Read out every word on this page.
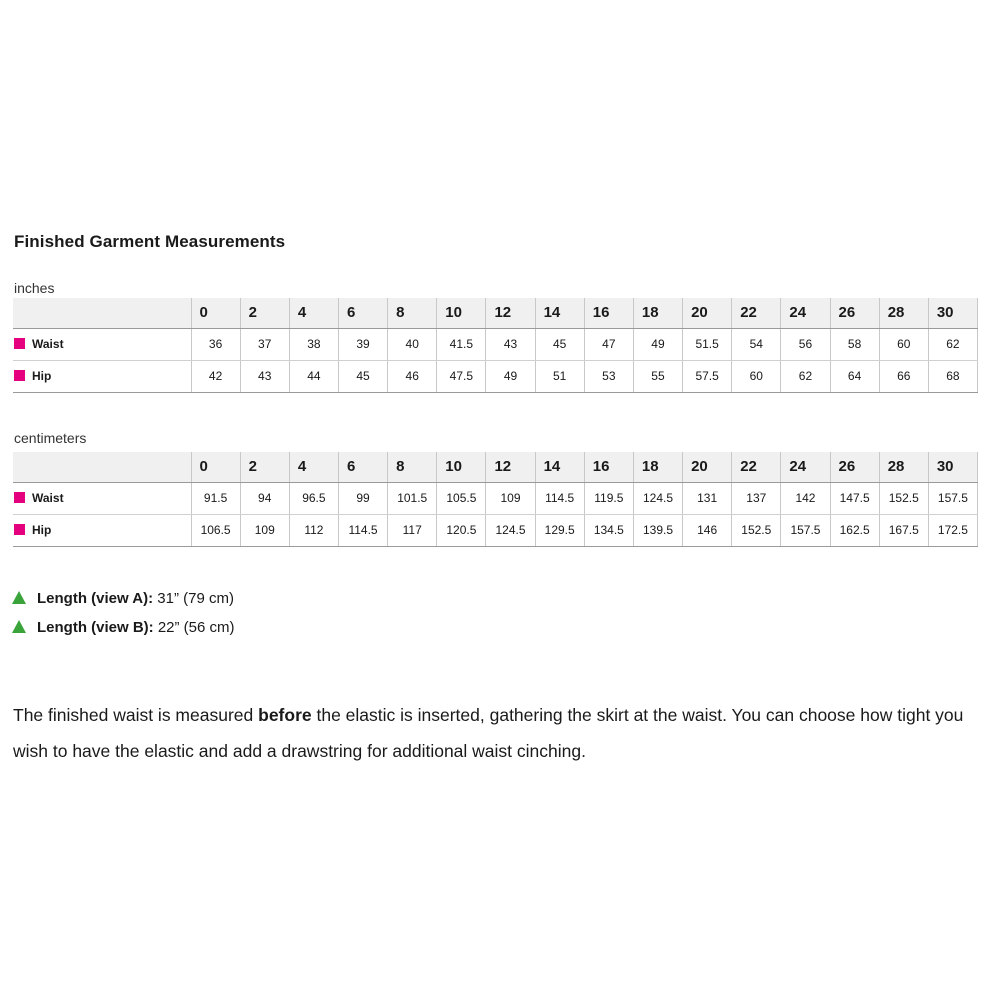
Finished Garment Measurements
inches
	0	2	4	6	8	10	12	14	16	18	20	22	24	26	28	30
Waist	36	37	38	39	40	41.5	43	45	47	49	51.5	54	56	58	60	62
Hip	42	43	44	45	46	47.5	49	51	53	55	57.5	60	62	64	66	68
centimeters
	0	2	4	6	8	10	12	14	16	18	20	22	24	26	28	30
Waist	91.5	94	96.5	99	101.5	105.5	109	114.5	119.5	124.5	131	137	142	147.5	152.5	157.5
Hip	106.5	109	112	114.5	117	120.5	124.5	129.5	134.5	139.5	146	152.5	157.5	162.5	167.5	172.5
Length (view A): 31” (79 cm)
Length (view B): 22” (56 cm)
The finished waist is measured before the elastic is inserted, gathering the skirt at the waist. You can choose how tight you wish to have the elastic and add a drawstring for additional waist cinching.
